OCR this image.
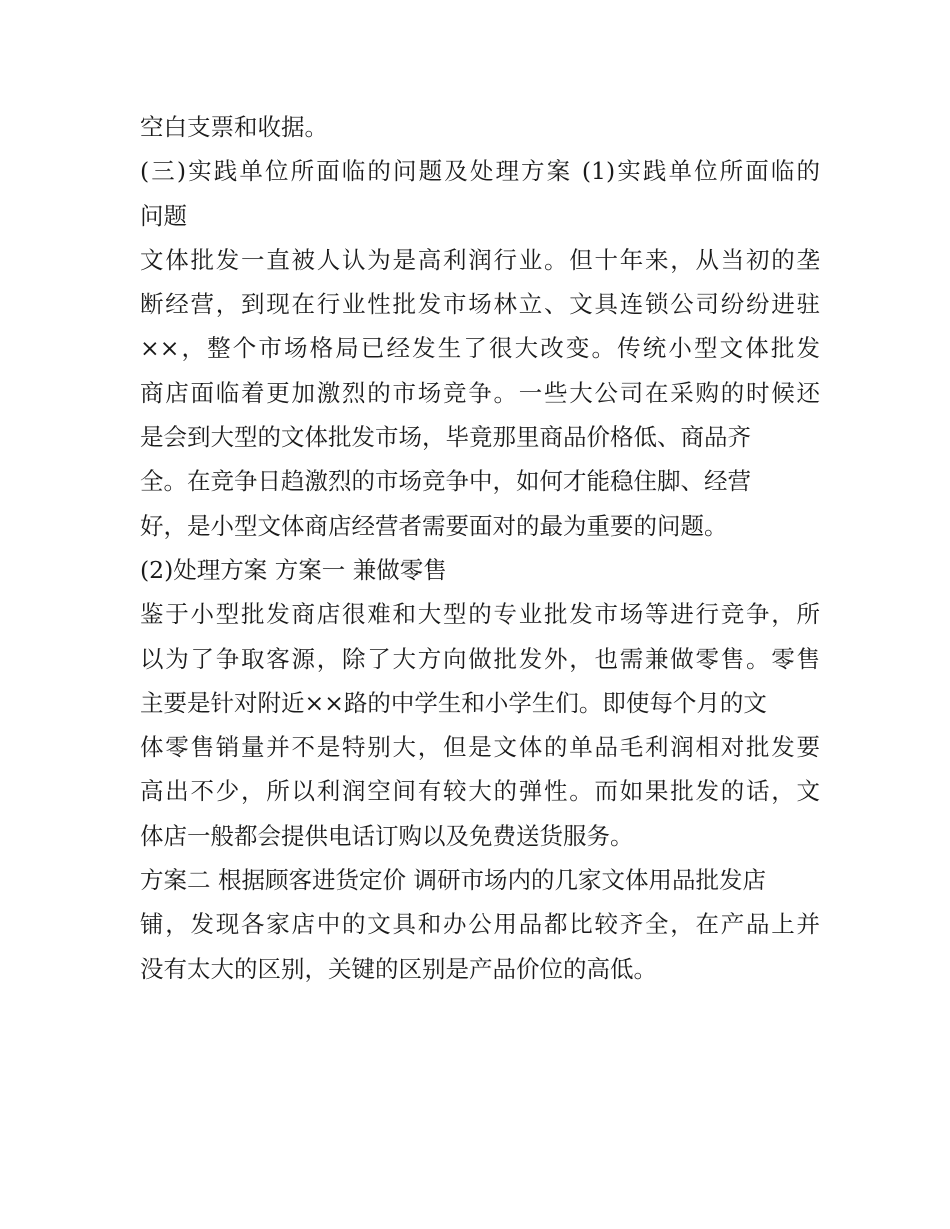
空白支票和收据。
(三)实践单位所面临的问题及处理方案 (1)实践单位所面临的
问题
文体批发一直被人认为是高利润行业。但十年来，从当初的垄
断经营，到现在行业性批发市场林立、文具连锁公司纷纷进驻
××，整个市场格局已经发生了很大改变。传统小型文体批发
商店面临着更加激烈的市场竞争。一些大公司在采购的时候还
是会到大型的文体批发市场，毕竟那里商品价格低、商品齐
全。在竞争日趋激烈的市场竞争中，如何才能稳住脚、经营
好，是小型文体商店经营者需要面对的最为重要的问题。
(2)处理方案 方案一 兼做零售
鉴于小型批发商店很难和大型的专业批发市场等进行竞争，所
以为了争取客源，除了大方向做批发外，也需兼做零售。零售
主要是针对附近××路的中学生和小学生们。即使每个月的文
体零售销量并不是特别大，但是文体的单品毛利润相对批发要
高出不少，所以利润空间有较大的弹性。而如果批发的话，文
体店一般都会提供电话订购以及免费送货服务。
方案二 根据顾客进货定价 调研市场内的几家文体用品批发店
铺，发现各家店中的文具和办公用品都比较齐全，在产品上并
没有太大的区别，关键的区别是产品价位的高低。
